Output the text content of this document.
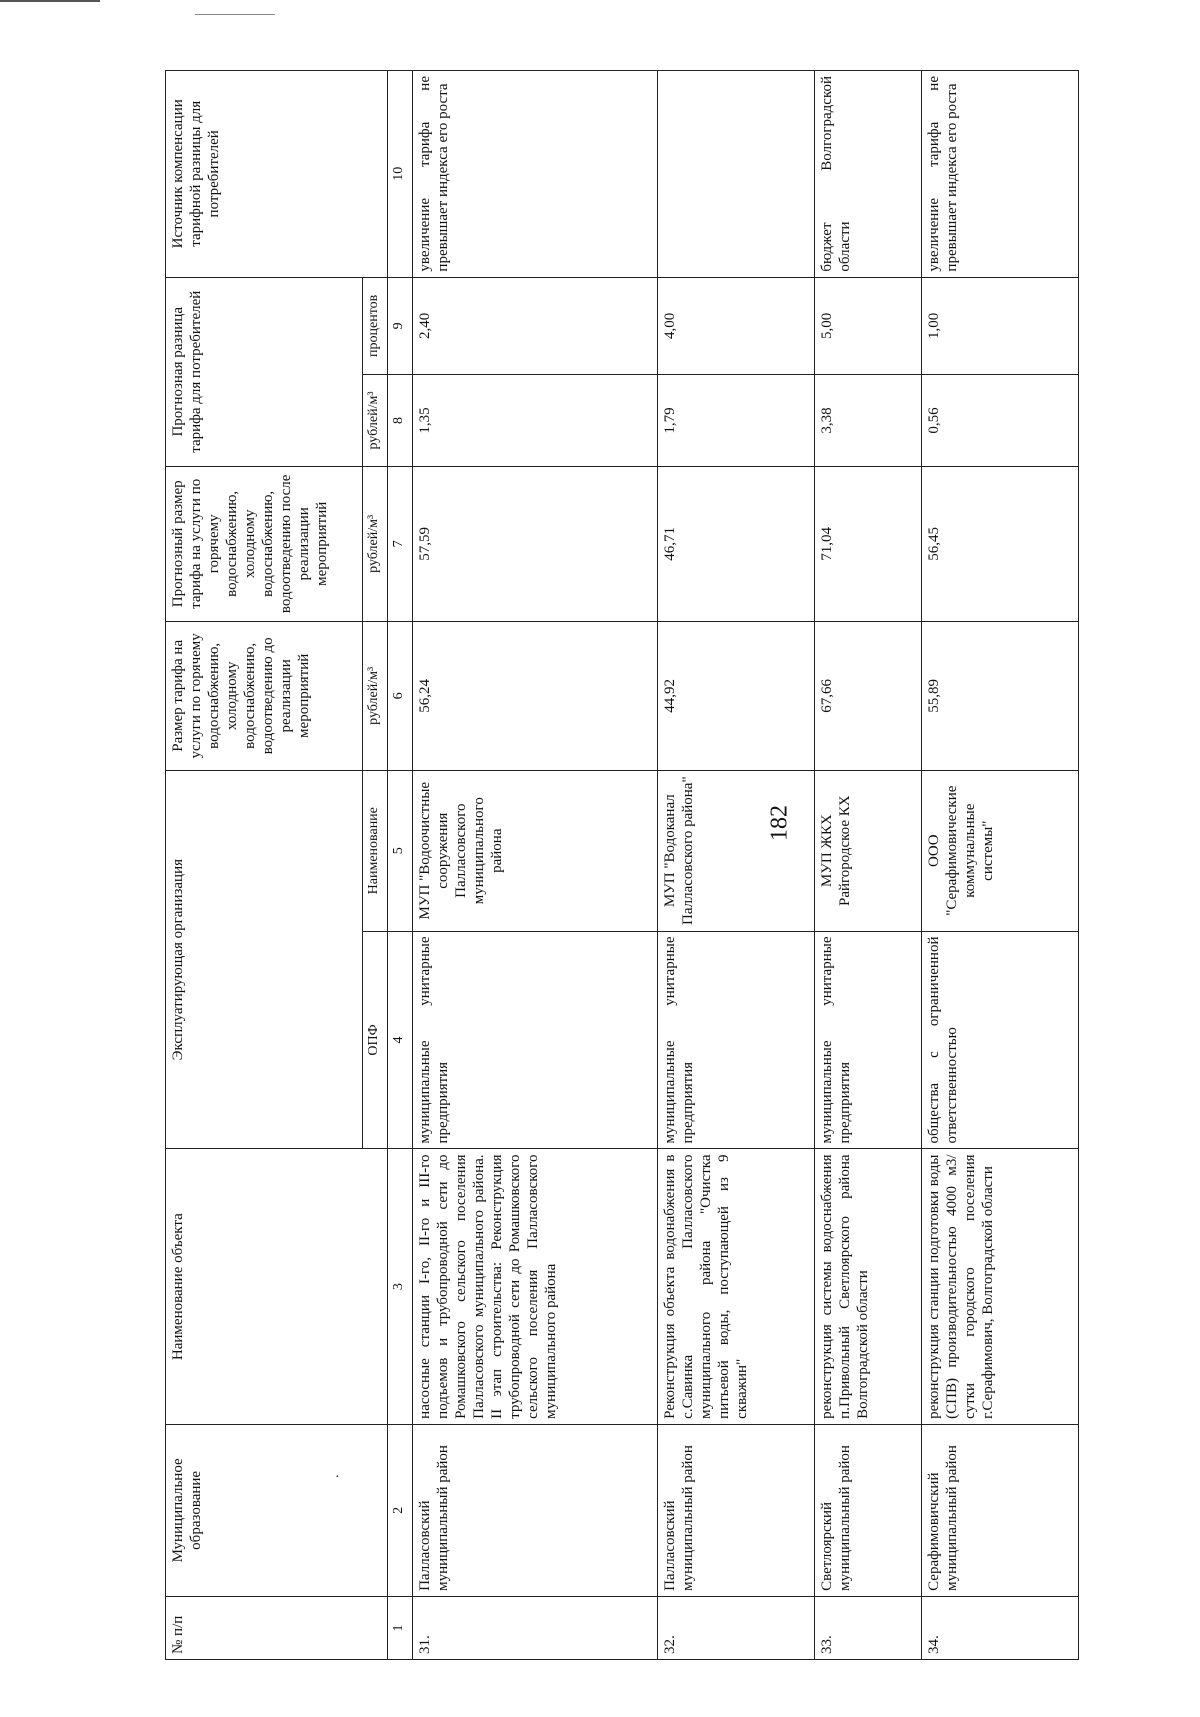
182
·
№ п/п	Муниципальное образование	Наименование объекта	Эксплуатирующая организация		Размер тарифа на услуги по горячему водоснабжению, холодному водоснабжению, водоотведению до реализации мероприятий	Прогнозный размер тарифа на услуги по горячему водоснабжению, холодному водоснабжению, водоотведению после реализации мероприятий	Прогнозная разница тарифа для потребителей		Источник компенсации тарифной разницы для потребителей
			ОПФ	Наименование	рублей/м³	рублей/м³	рублей/м³	процентов	
1	2	3	4	5	6	7	8	9	10
31.	Палласовский муниципальный район	насосные станции I-го, II-го и III-го подъемов и трубопроводной сети до Ромашковского сельского поселения Палласовского муниципального района. II этап строительства: Реконструкция трубопроводной сети до Ромашковского сельского поселения Палласовского муниципального района	муниципальные унитарные предприятия	МУП "Водоочистные сооружения Палласовского муниципального района	56,24	57,59	1,35	2,40	увеличение тарифа не превышает индекса его роста
32.	Палласовский муниципальный район	Реконструкция объекта водонабжения в с.Савинка Палласовского муниципального района "Очистка питьевой воды, поступающей из 9 скважин"	муниципальные унитарные предприятия	МУП "Водоканал Палласовского района"	44,92	46,71	1,79	4,00	
33.	Светлоярский муниципальный район	реконструкция системы водоснабжения п.Привольный Светлоярского района Волгоградской области	муниципальные унитарные предприятия	МУП ЖКХ Райгородское КХ	67,66	71,04	3,38	5,00	бюджет Волгоградской области
34.	Серафимовичский муниципальный район	реконструкция станции подготовки воды (СПВ) производительностью 4000 м3/сутки городского поселения г.Серафимович, Волгоградской области	общества с ограниченной ответственностью	ООО "Серафимовические коммунальные системы"	55,89	56,45	0,56	1,00	увеличение тарифа не превышает индекса его роста
